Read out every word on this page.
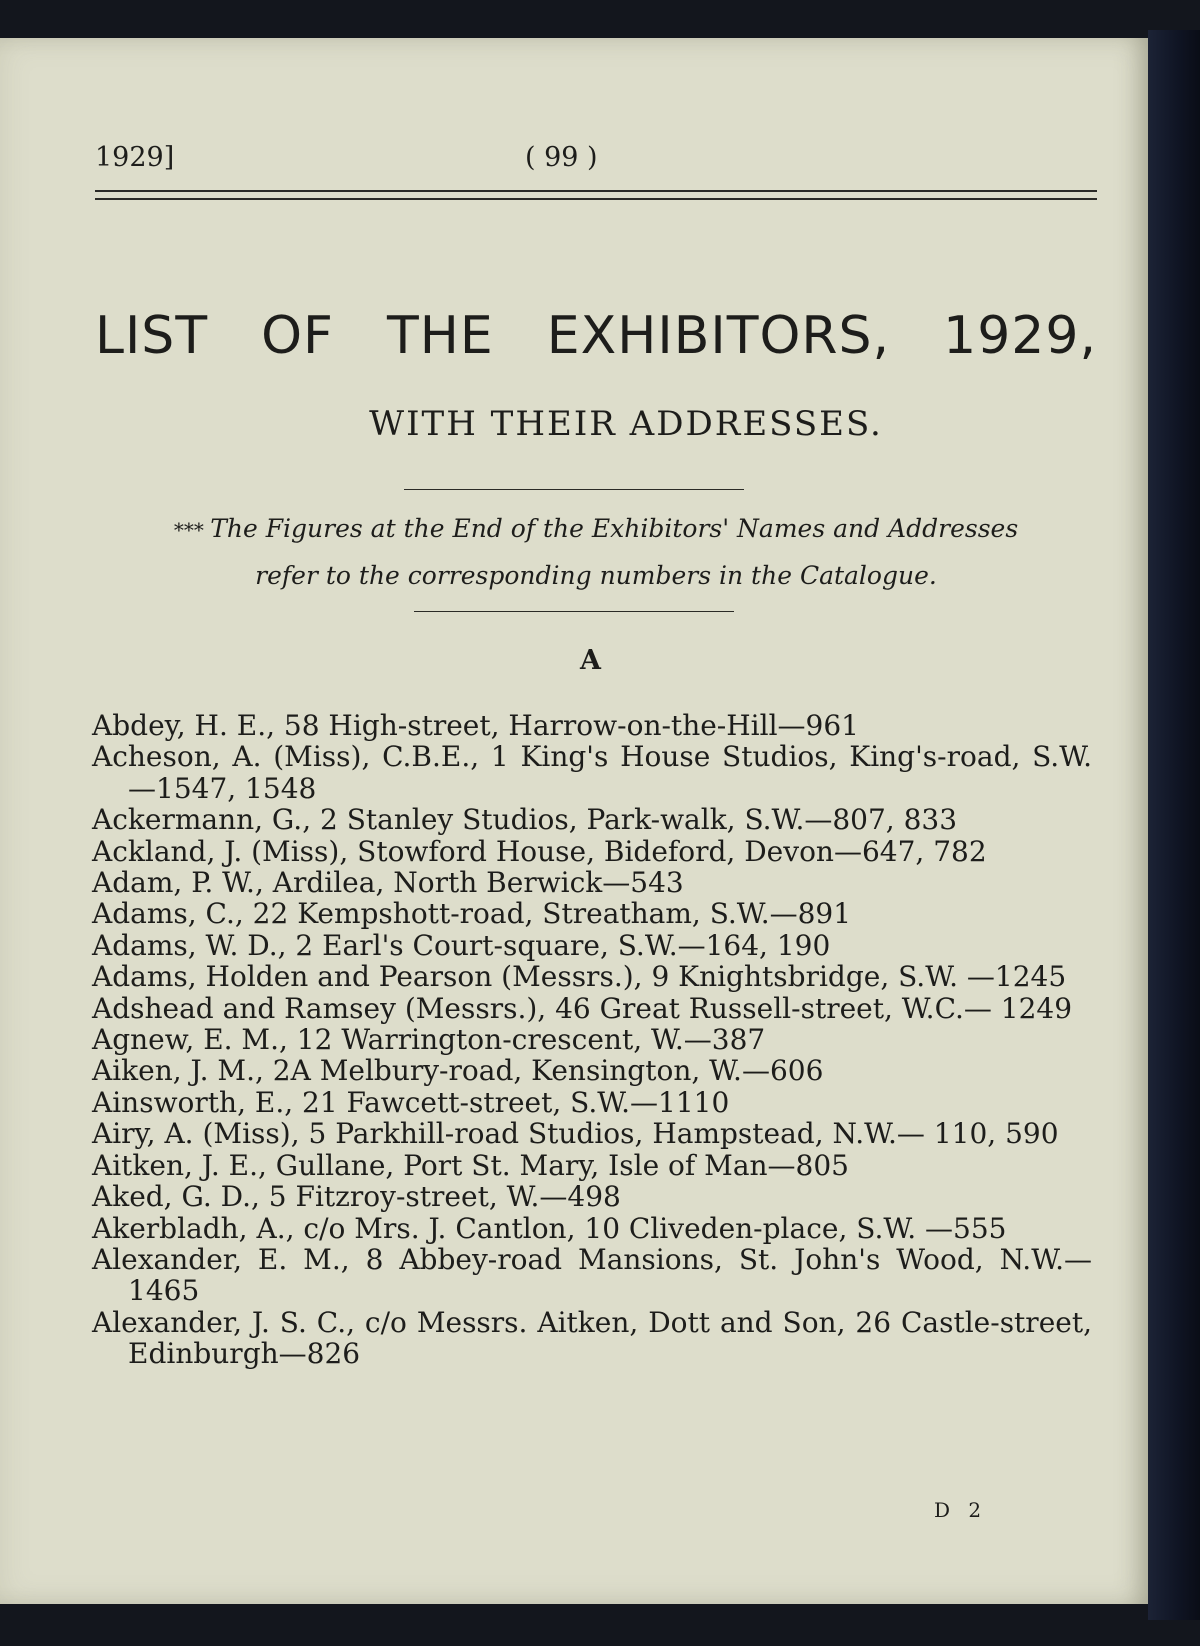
1929]	( 99 )
LIST OF THE EXHIBITORS, 1929,
WITH THEIR ADDRESSES.
*** The Figures at the End of the Exhibitors' Names and Addresses
refer to the corresponding numbers in the Catalogue.
A
Abdey, H. E., 58 High-street, Harrow-on-the-Hill—961
Acheson, A. (Miss), C.B.E., 1 King's House Studios, King's-road, S.W.—1547, 1548
Ackermann, G., 2 Stanley Studios, Park-walk, S.W.—807, 833
Ackland, J. (Miss), Stowford House, Bideford, Devon—647, 782
Adam, P. W., Ardilea, North Berwick—543
Adams, C., 22 Kempshott-road, Streatham, S.W.—891
Adams, W. D., 2 Earl's Court-square, S.W.—164, 190
Adams, Holden and Pearson (Messrs.), 9 Knightsbridge, S.W. —1245
Adshead and Ramsey (Messrs.), 46 Great Russell-street, W.C.— 1249
Agnew, E. M., 12 Warrington-crescent, W.—387
Aiken, J. M., 2A Melbury-road, Kensington, W.—606
Ainsworth, E., 21 Fawcett-street, S.W.—1110
Airy, A. (Miss), 5 Parkhill-road Studios, Hampstead, N.W.— 110, 590
Aitken, J. E., Gullane, Port St. Mary, Isle of Man—805
Aked, G. D., 5 Fitzroy-street, W.—498
Akerbladh, A., c/o Mrs. J. Cantlon, 10 Cliveden-place, S.W. —555
Alexander, E. M., 8 Abbey-road Mansions, St. John's Wood, N.W.—1465
Alexander, J. S. C., c/o Messrs. Aitken, Dott and Son, 26 Castle-street, Edinburgh—826
D 2
